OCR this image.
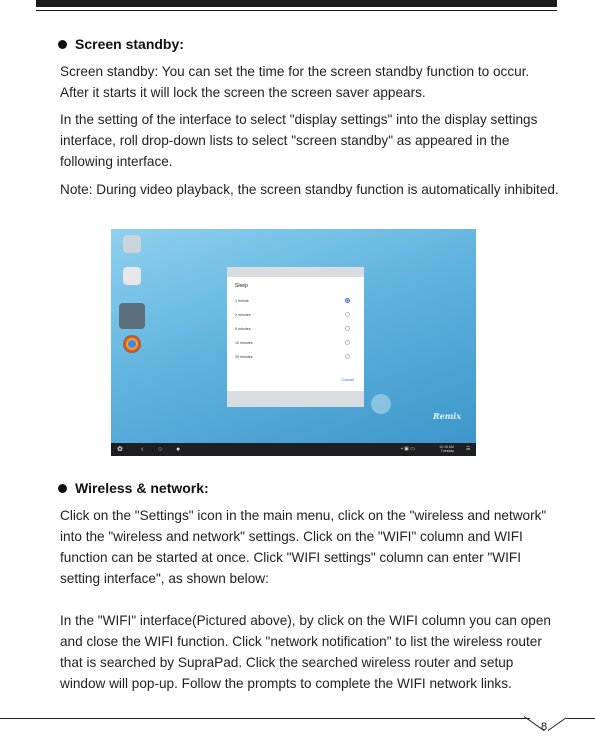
Screen standby:

Screen standby: You can set the time for the screen standby function to occur. After it starts it will lock the screen the screen saver appears.

In the setting of the interface to select "display settings" into the display settings interface, roll drop-down lists to select "screen standby" as appeared in the following interface.

Note: During video playback, the screen standby function is automatically inhibited.

Sleep
1 minute
2 minutes
5 minutes
10 minutes
30 minutes
Cancel
Remix
✿	‹ ○ ●	▪ ▣ ▭	10:15 AM
Tuesday ☰
Wireless & network:

Click on the "Settings" icon in the main menu, click on the "wireless and network" into the "wireless and network" settings. Click on the "WIFI" column and WIFI function can be started at once. Click "WIFI settings" column can enter "WIFI setting interface", as shown below:

In the "WIFI" interface(Pictured above), by click on the WIFI column you can open and close the WIFI function. Click "network notification" to list the wireless router that is searched by SupraPad. Click the searched wireless router and setup window will pop-up. Follow the prompts to complete the WIFI network links.

8
